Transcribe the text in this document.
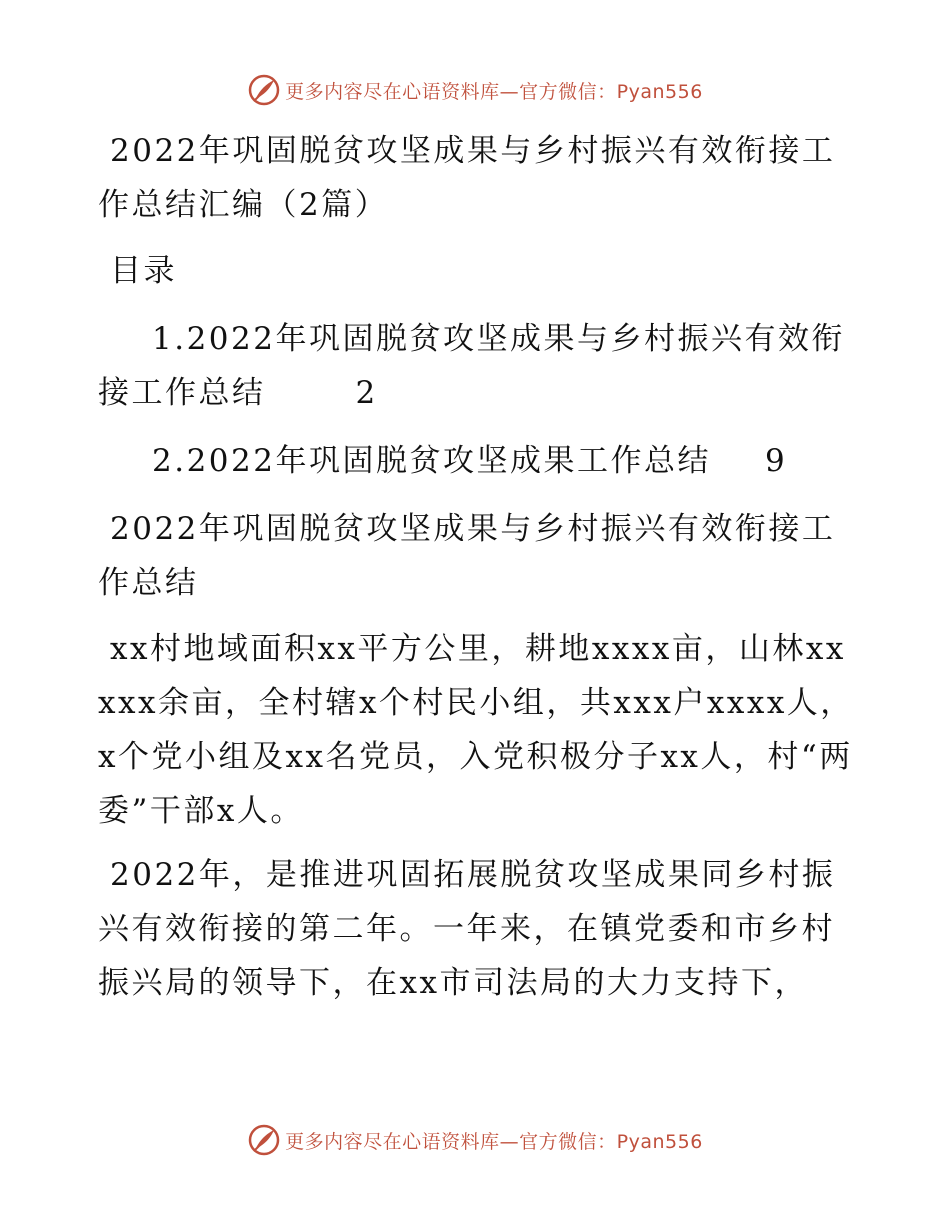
更多内容尽在心语资料库—官方微信：Pyan556

2022年巩固脱贫攻坚成果与乡村振兴有效衔接工作总结汇编（2篇）

目录

1.2022年巩固脱贫攻坚成果与乡村振兴有效衔接工作总结	2

2.2022年巩固脱贫攻坚成果工作总结 9

2022年巩固脱贫攻坚成果与乡村振兴有效衔接工作总结

xx村地域面积xx平方公里，耕地xxxx亩，山林xxxxx余亩，全村辖x个村民小组，共xxx户xxxx人，x个党小组及xx名党员，入党积极分子xx人，村“两委”干部x人。

2022年，是推进巩固拓展脱贫攻坚成果同乡村振兴有效衔接的第二年。一年来，在镇党委和市乡村振兴局的领导下，在xx市司法局的大力支持下，

更多内容尽在心语资料库—官方微信：Pyan556
